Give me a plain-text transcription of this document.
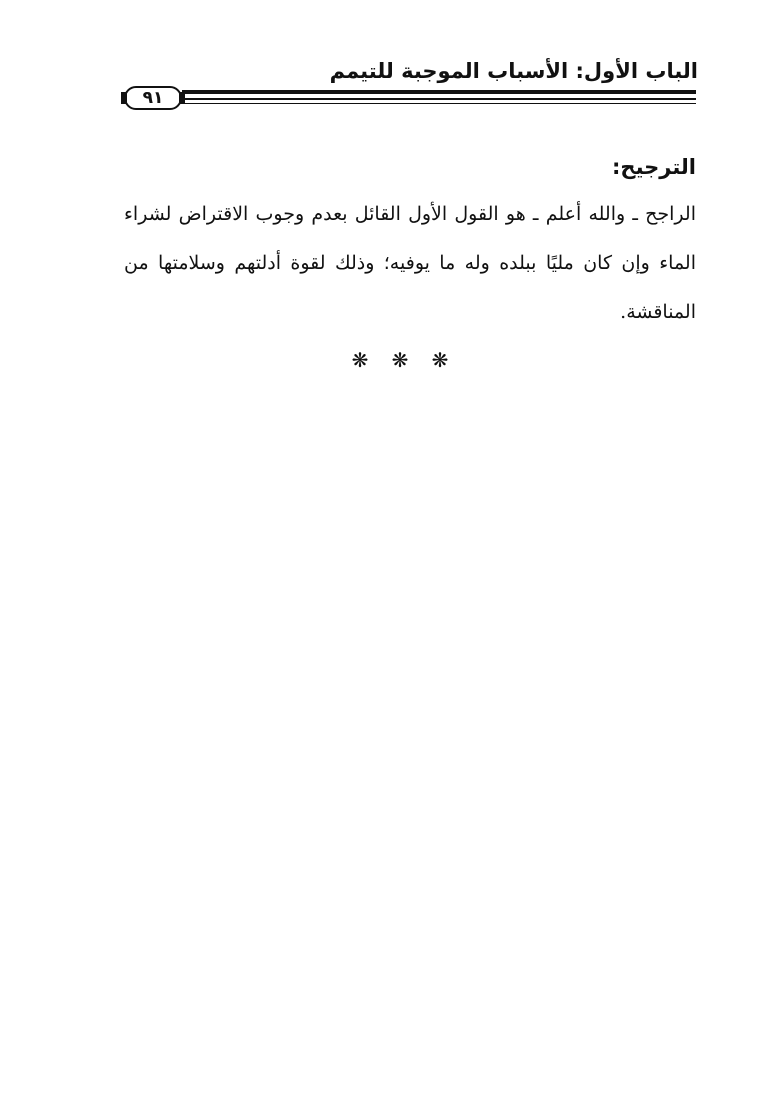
الباب الأول: الأسباب الموجبة للتيمم
٩١
الترجيح:
الراجح ـ والله أعلم ـ هو القول الأول القائل بعدم وجوب الاقتراض لشراء
الماء وإن كان مليًا ببلده وله ما يوفيه؛ وذلك لقوة أدلتهم وسلامتها من
المناقشة.
❋ ❋ ❋
